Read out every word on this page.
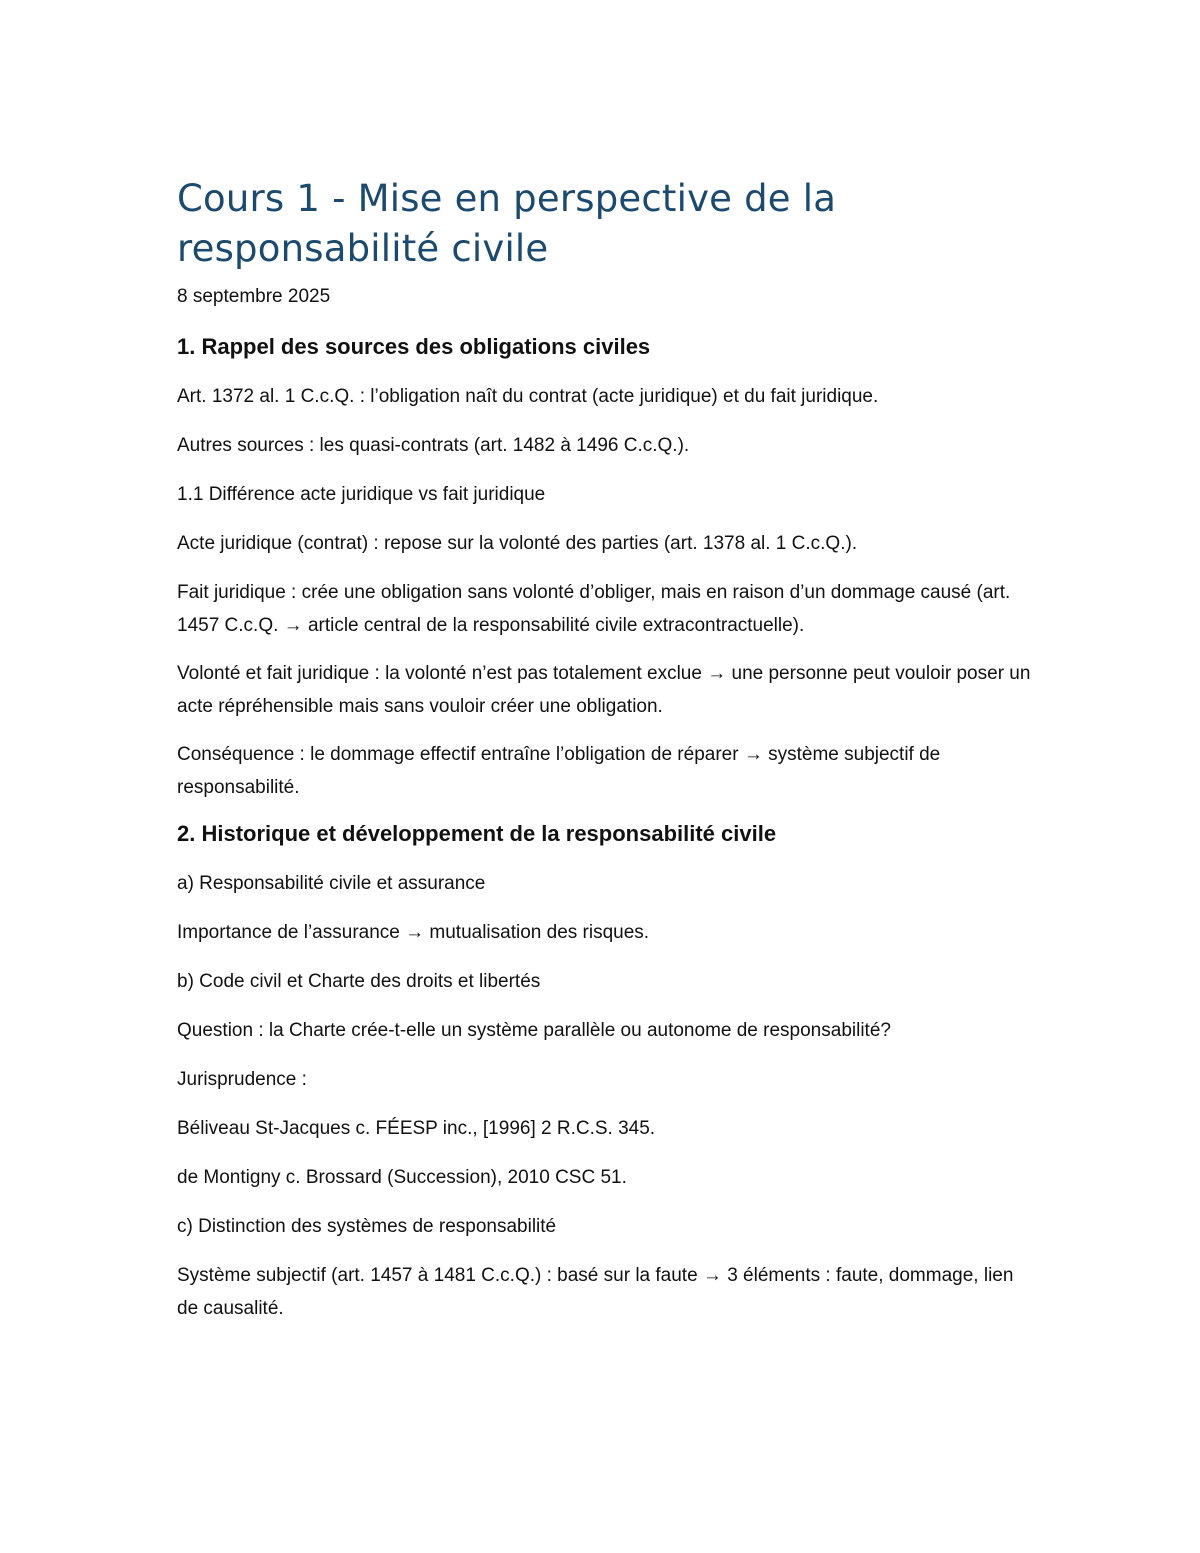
Cours 1 - Mise en perspective de la responsabilité civile
8 septembre 2025
1. Rappel des sources des obligations civiles

Art. 1372 al. 1 C.c.Q. : l’obligation naît du contrat (acte juridique) et du fait juridique.

Autres sources : les quasi-contrats (art. 1482 à 1496 C.c.Q.).

1.1 Différence acte juridique vs fait juridique

Acte juridique (contrat) : repose sur la volonté des parties (art. 1378 al. 1 C.c.Q.).

Fait juridique : crée une obligation sans volonté d’obliger, mais en raison d’un dommage causé (art. 1457 C.c.Q. → article central de la responsabilité civile extracontractuelle).

Volonté et fait juridique : la volonté n’est pas totalement exclue → une personne peut vouloir poser un acte répréhensible mais sans vouloir créer une obligation.

Conséquence : le dommage effectif entraîne l’obligation de réparer → système subjectif de responsabilité.

2. Historique et développement de la responsabilité civile

a) Responsabilité civile et assurance

Importance de l’assurance → mutualisation des risques.

b) Code civil et Charte des droits et libertés

Question : la Charte crée-t-elle un système parallèle ou autonome de responsabilité?

Jurisprudence :

Béliveau St-Jacques c. FÉESP inc., [1996] 2 R.C.S. 345.

de Montigny c. Brossard (Succession), 2010 CSC 51.

c) Distinction des systèmes de responsabilité

Système subjectif (art. 1457 à 1481 C.c.Q.) : basé sur la faute → 3 éléments : faute, dommage, lien de causalité.
